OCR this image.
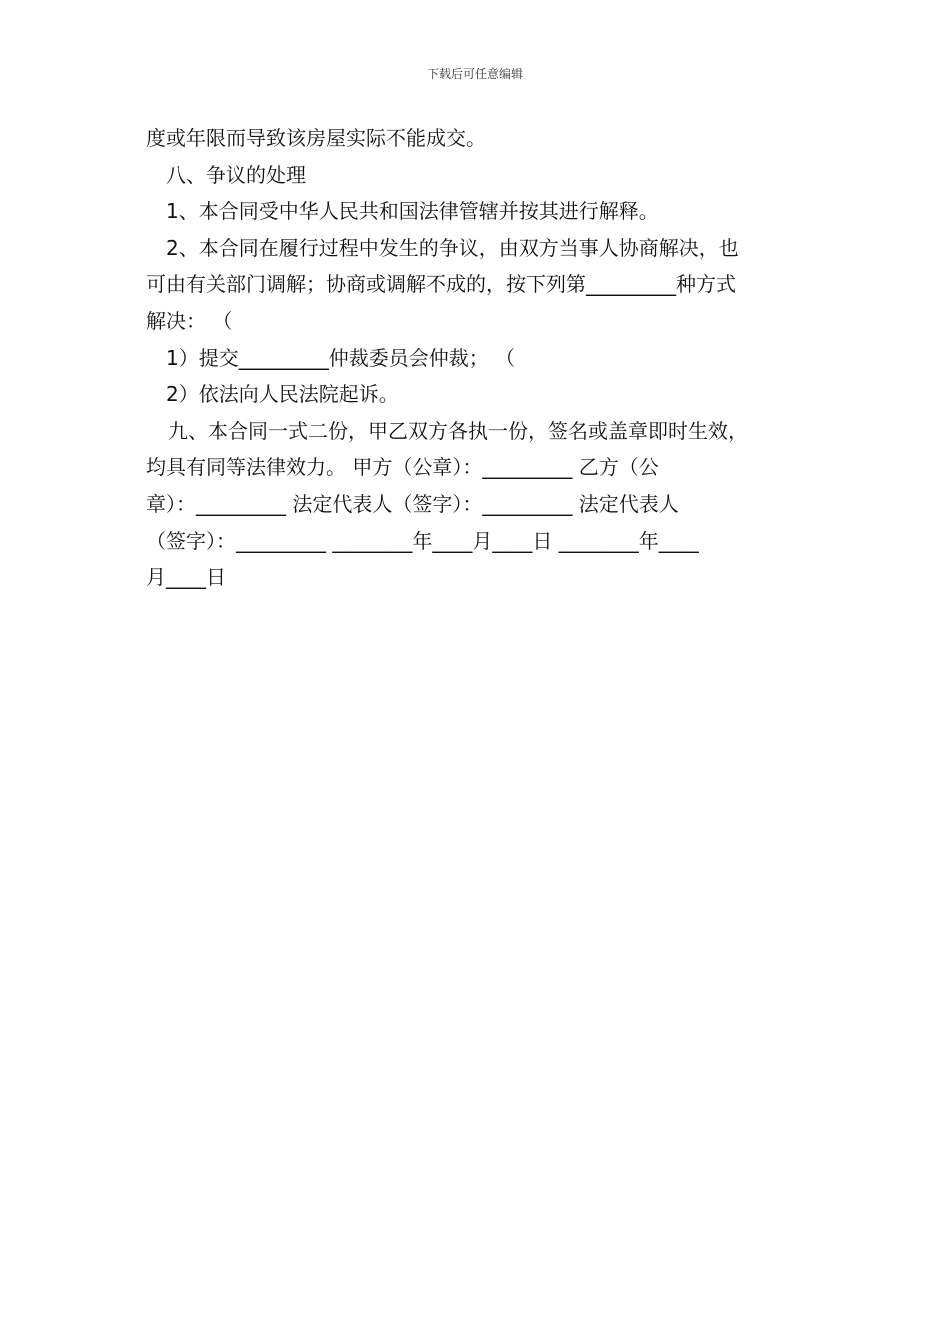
下载后可任意编辑
度或年限而导致该房屋实际不能成交。
八、争议的处理
1、本合同受中华人民共和国法律管辖并按其进行解释。
2、本合同在履行过程中发生的争议，由双方当事人协商解决，也
可由有关部门调解；协商或调解不成的，按下列第_________种方式
解决： （
1）提交_________仲裁委员会仲裁； （
2）依法向人民法院起诉。
九、本合同一式二份，甲乙双方各执一份，签名或盖章即时生效，
均具有同等法律效力。 甲方（公章）：_________ 乙方（公
章）：_________ 法定代表人（签字）：_________ 法定代表人
（签字）：_________ ________年____月____日 ________年____
月____日
